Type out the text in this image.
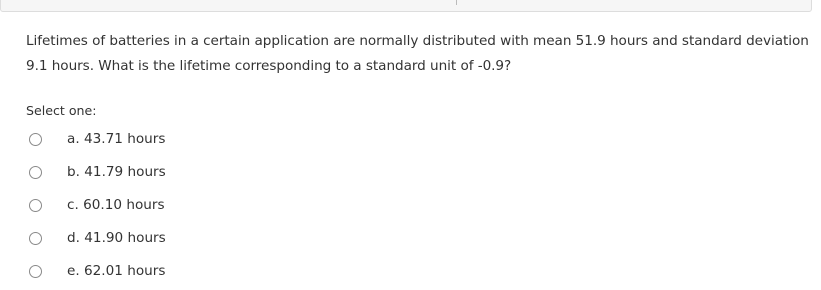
Lifetimes of batteries in a certain application are normally distributed with mean 51.9 hours and standard deviation 9.1 hours. What is the lifetime corresponding to a standard unit of -0.9?
Select one:
a. 43.71 hours
b. 41.79 hours
c. 60.10 hours
d. 41.90 hours
e. 62.01 hours
